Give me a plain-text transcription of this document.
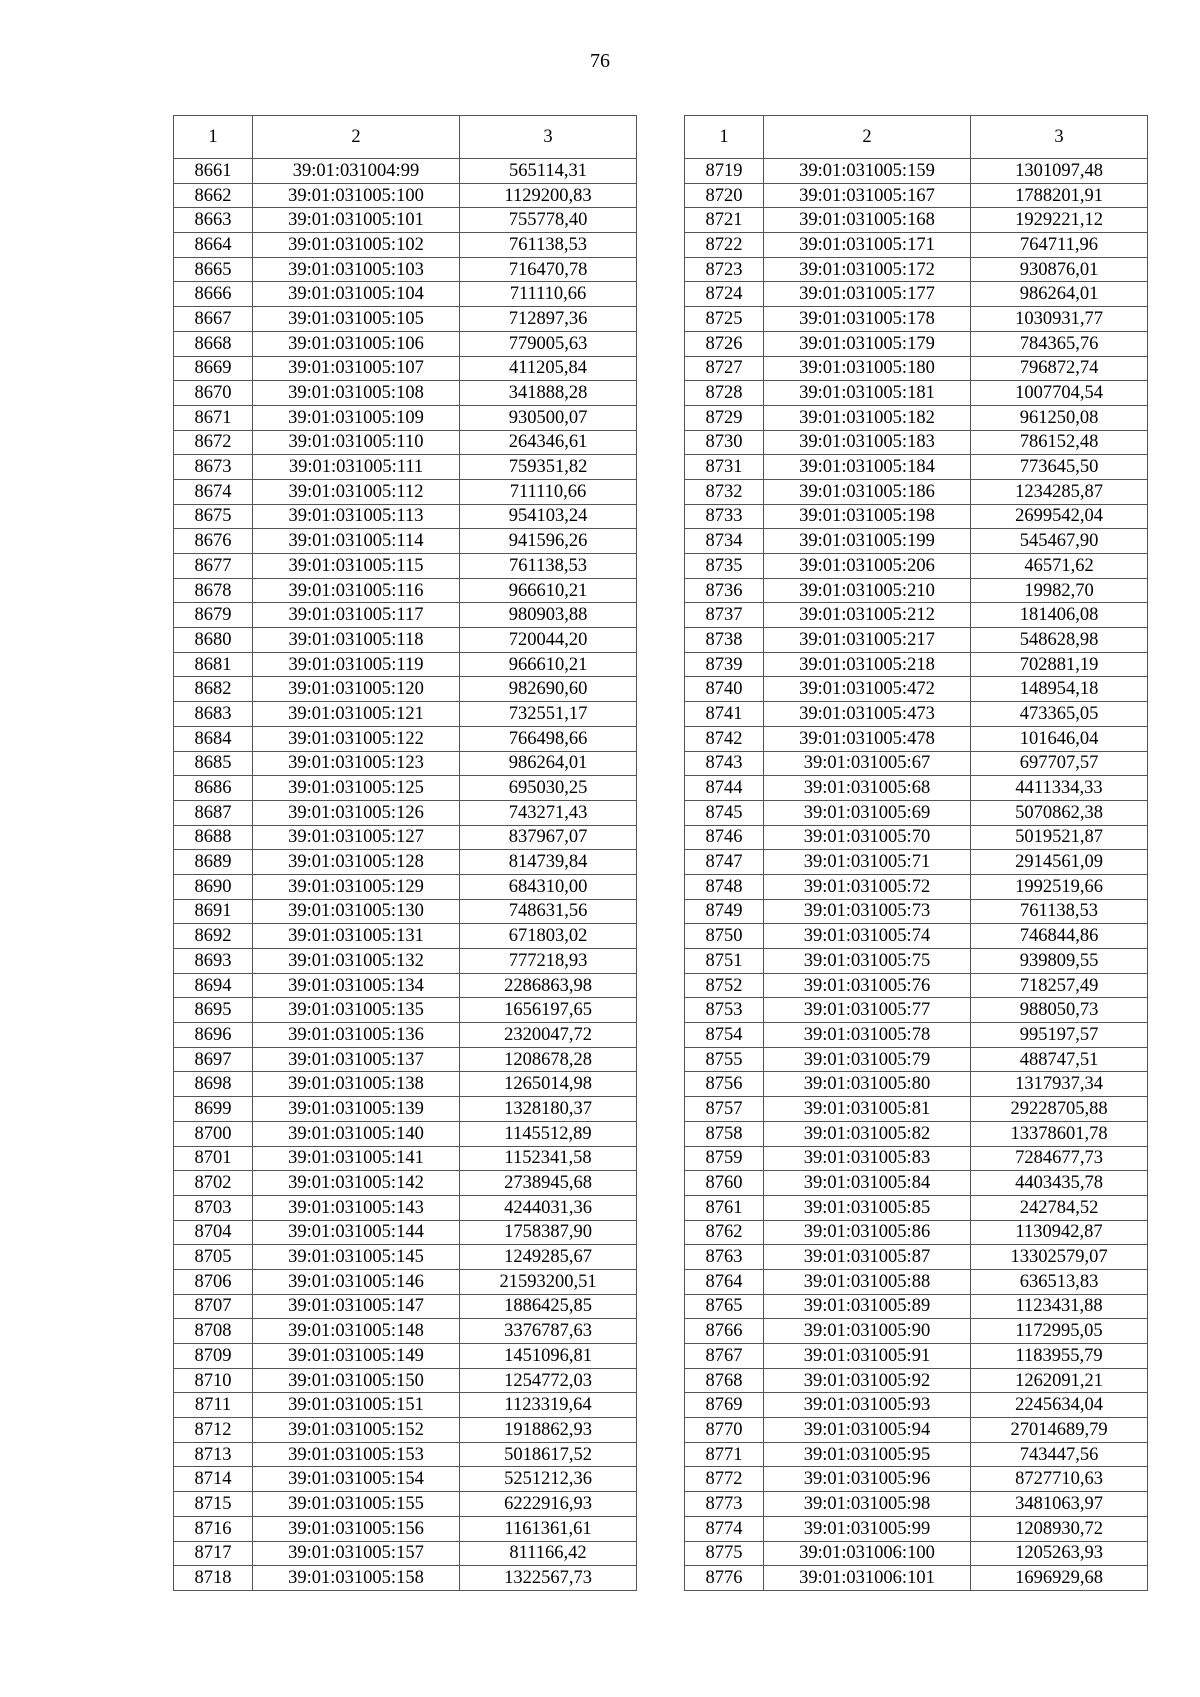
76
1	2	3
8661	39:01:031004:99	565114,31
8662	39:01:031005:100	1129200,83
8663	39:01:031005:101	755778,40
8664	39:01:031005:102	761138,53
8665	39:01:031005:103	716470,78
8666	39:01:031005:104	711110,66
8667	39:01:031005:105	712897,36
8668	39:01:031005:106	779005,63
8669	39:01:031005:107	411205,84
8670	39:01:031005:108	341888,28
8671	39:01:031005:109	930500,07
8672	39:01:031005:110	264346,61
8673	39:01:031005:111	759351,82
8674	39:01:031005:112	711110,66
8675	39:01:031005:113	954103,24
8676	39:01:031005:114	941596,26
8677	39:01:031005:115	761138,53
8678	39:01:031005:116	966610,21
8679	39:01:031005:117	980903,88
8680	39:01:031005:118	720044,20
8681	39:01:031005:119	966610,21
8682	39:01:031005:120	982690,60
8683	39:01:031005:121	732551,17
8684	39:01:031005:122	766498,66
8685	39:01:031005:123	986264,01
8686	39:01:031005:125	695030,25
8687	39:01:031005:126	743271,43
8688	39:01:031005:127	837967,07
8689	39:01:031005:128	814739,84
8690	39:01:031005:129	684310,00
8691	39:01:031005:130	748631,56
8692	39:01:031005:131	671803,02
8693	39:01:031005:132	777218,93
8694	39:01:031005:134	2286863,98
8695	39:01:031005:135	1656197,65
8696	39:01:031005:136	2320047,72
8697	39:01:031005:137	1208678,28
8698	39:01:031005:138	1265014,98
8699	39:01:031005:139	1328180,37
8700	39:01:031005:140	1145512,89
8701	39:01:031005:141	1152341,58
8702	39:01:031005:142	2738945,68
8703	39:01:031005:143	4244031,36
8704	39:01:031005:144	1758387,90
8705	39:01:031005:145	1249285,67
8706	39:01:031005:146	21593200,51
8707	39:01:031005:147	1886425,85
8708	39:01:031005:148	3376787,63
8709	39:01:031005:149	1451096,81
8710	39:01:031005:150	1254772,03
8711	39:01:031005:151	1123319,64
8712	39:01:031005:152	1918862,93
8713	39:01:031005:153	5018617,52
8714	39:01:031005:154	5251212,36
8715	39:01:031005:155	6222916,93
8716	39:01:031005:156	1161361,61
8717	39:01:031005:157	811166,42
8718	39:01:031005:158	1322567,73
1	2	3
8719	39:01:031005:159	1301097,48
8720	39:01:031005:167	1788201,91
8721	39:01:031005:168	1929221,12
8722	39:01:031005:171	764711,96
8723	39:01:031005:172	930876,01
8724	39:01:031005:177	986264,01
8725	39:01:031005:178	1030931,77
8726	39:01:031005:179	784365,76
8727	39:01:031005:180	796872,74
8728	39:01:031005:181	1007704,54
8729	39:01:031005:182	961250,08
8730	39:01:031005:183	786152,48
8731	39:01:031005:184	773645,50
8732	39:01:031005:186	1234285,87
8733	39:01:031005:198	2699542,04
8734	39:01:031005:199	545467,90
8735	39:01:031005:206	46571,62
8736	39:01:031005:210	19982,70
8737	39:01:031005:212	181406,08
8738	39:01:031005:217	548628,98
8739	39:01:031005:218	702881,19
8740	39:01:031005:472	148954,18
8741	39:01:031005:473	473365,05
8742	39:01:031005:478	101646,04
8743	39:01:031005:67	697707,57
8744	39:01:031005:68	4411334,33
8745	39:01:031005:69	5070862,38
8746	39:01:031005:70	5019521,87
8747	39:01:031005:71	2914561,09
8748	39:01:031005:72	1992519,66
8749	39:01:031005:73	761138,53
8750	39:01:031005:74	746844,86
8751	39:01:031005:75	939809,55
8752	39:01:031005:76	718257,49
8753	39:01:031005:77	988050,73
8754	39:01:031005:78	995197,57
8755	39:01:031005:79	488747,51
8756	39:01:031005:80	1317937,34
8757	39:01:031005:81	29228705,88
8758	39:01:031005:82	13378601,78
8759	39:01:031005:83	7284677,73
8760	39:01:031005:84	4403435,78
8761	39:01:031005:85	242784,52
8762	39:01:031005:86	1130942,87
8763	39:01:031005:87	13302579,07
8764	39:01:031005:88	636513,83
8765	39:01:031005:89	1123431,88
8766	39:01:031005:90	1172995,05
8767	39:01:031005:91	1183955,79
8768	39:01:031005:92	1262091,21
8769	39:01:031005:93	2245634,04
8770	39:01:031005:94	27014689,79
8771	39:01:031005:95	743447,56
8772	39:01:031005:96	8727710,63
8773	39:01:031005:98	3481063,97
8774	39:01:031005:99	1208930,72
8775	39:01:031006:100	1205263,93
8776	39:01:031006:101	1696929,68
